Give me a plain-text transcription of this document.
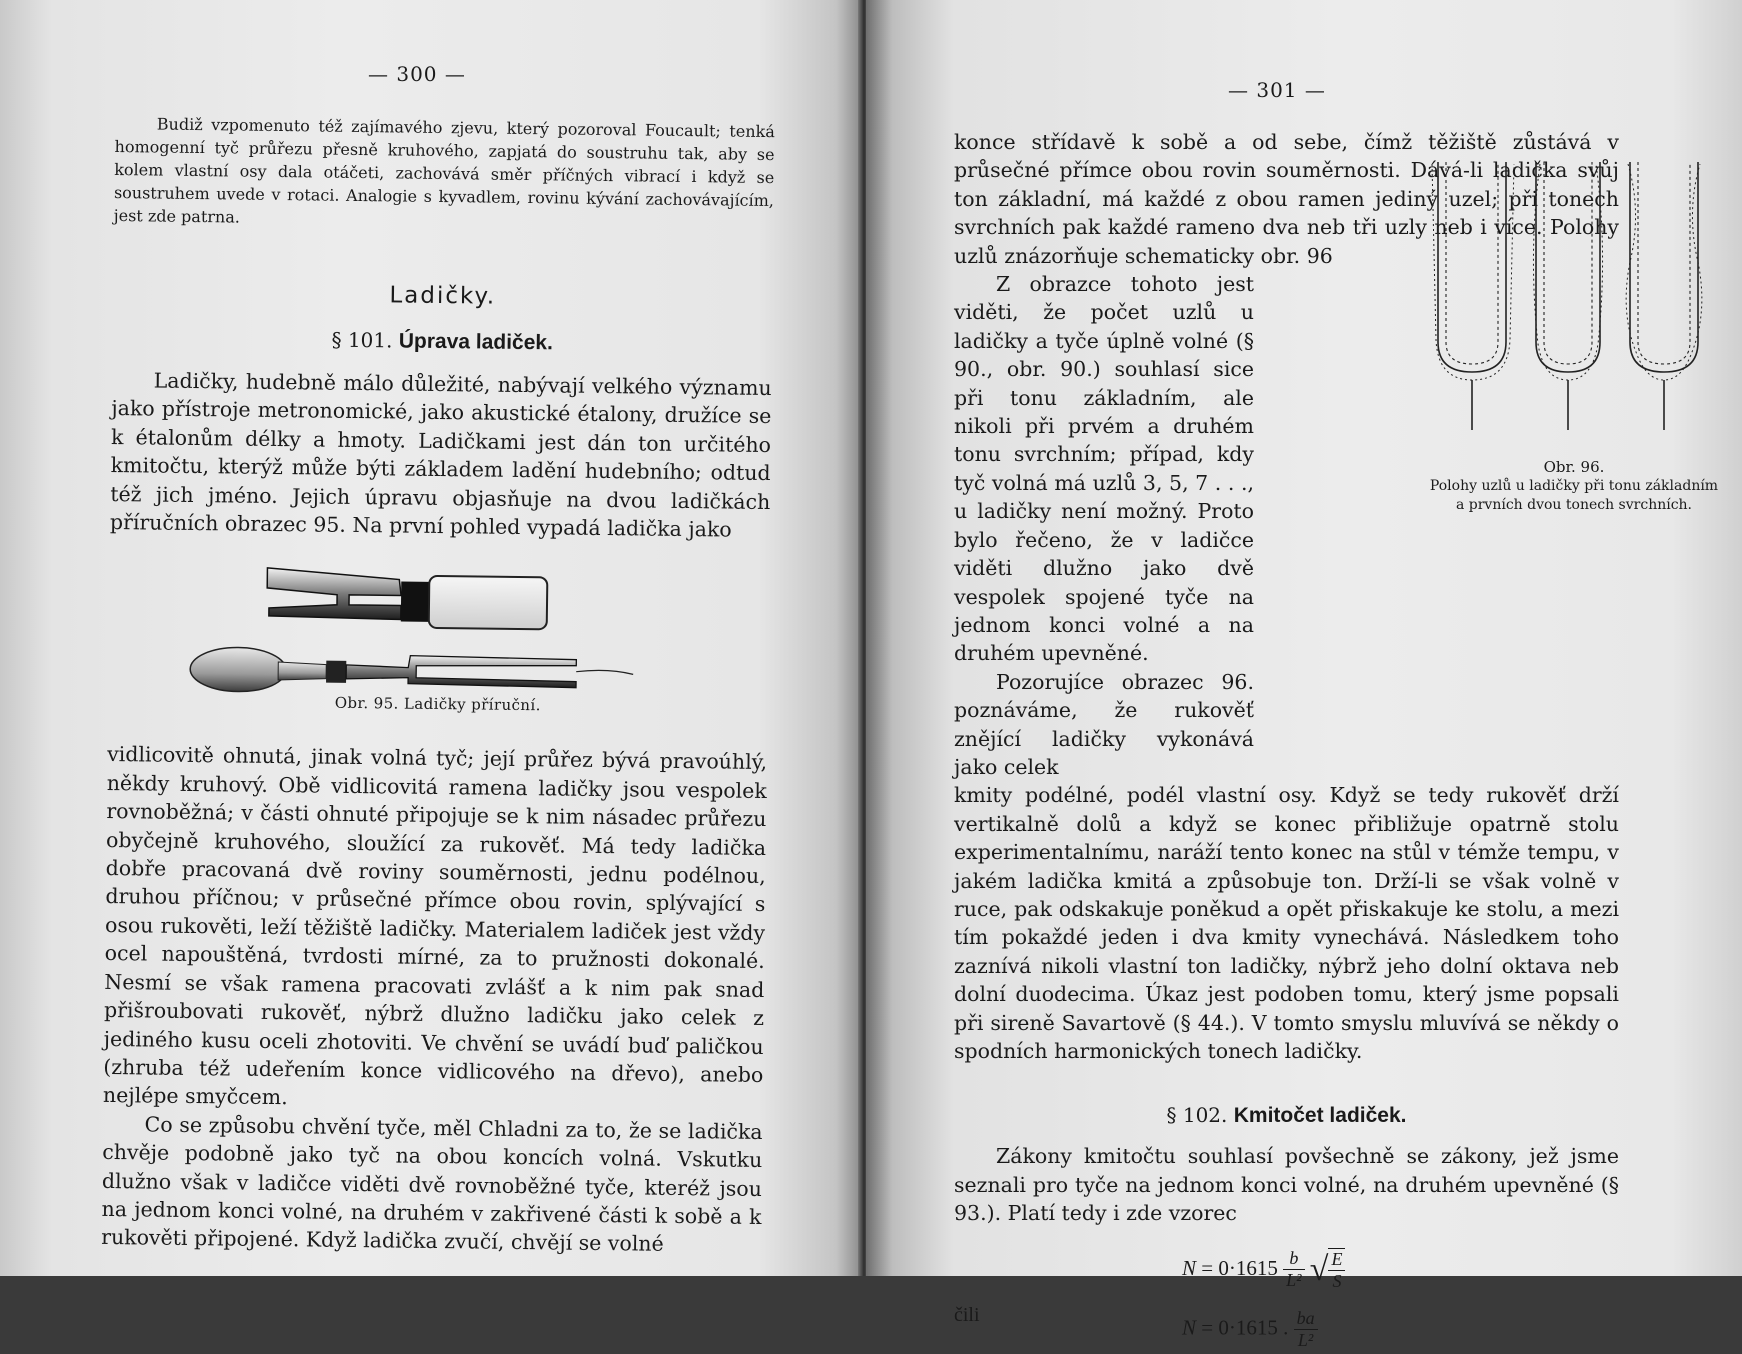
— 300 —

Budiž vzpomenuto též zajímavého zjevu, který pozoroval Foucault; tenká homogenní tyč průřezu přesně kruhového, zapjatá do soustruhu tak, aby se kolem vlastní osy dala otáčeti, zachovává směr příčných vibrací i když se soustruhem uvede v rotaci. Analogie s kyvadlem, rovinu kývání zachovávajícím, jest zde patrna.

Ladičky.
§ 101. Úprava ladiček.

Ladičky, hudebně málo důležité, nabývají velkého významu jako přístroje metronomické, jako akustické étalony, družíce se k étalonům délky a hmoty. Ladičkami jest dán ton určitého kmitočtu, kterýž může býti základem ladění hudebního; odtud též jich jméno. Jejich úpravu objasňuje na dvou ladičkách příručních obrazec 95. Na první pohled vypadá ladička jako

Obr. 95. Ladičky příruční.

vidlicovitě ohnutá, jinak volná tyč; její průřez bývá pravoúhlý, někdy kruhový. Obě vidlicovitá ramena ladičky jsou vespolek rovnoběžná; v části ohnuté připojuje se k nim násadec průřezu obyčejně kruhového, sloužící za rukověť. Má tedy ladička dobře pracovaná dvě roviny souměrnosti, jednu podélnou, druhou příčnou; v průsečné přímce obou rovin, splývající s osou rukověti, leží těžiště ladičky. Materialem ladiček jest vždy ocel napouštěná, tvrdosti mírné, za to pružnosti dokonalé. Nesmí se však ramena pracovati zvlášť a k nim pak snad přišroubovati rukověť, nýbrž dlužno ladičku jako celek z jediného kusu oceli zhotoviti. Ve chvění se uvádí buď paličkou (zhruba též udeřením konce vidlicového na dřevo), anebo nejlépe smyčcem.

Co se způsobu chvění tyče, měl Chladni za to, že se ladička chvěje podobně jako tyč na obou koncích volná. Vskutku dlužno však v ladičce viděti dvě rovnoběžné tyče, kteréž jsou na jednom konci volné, na druhém v zakřivené části k sobě a k rukověti připojené. Když ladička zvučí, chvějí se volné

— 301 —

konce střídavě k sobě a od sebe, čímž těžiště zůstává v průsečné přímce obou rovin souměrnosti. Dává-li ladička svůj ton základní, má každé z obou ramen jediný uzel; při tonech svrchních pak každé rameno dva neb tři uzly neb i více. Polohy uzlů znázorňuje schematicky obr. 96

Z obrazce tohoto jest viděti, že počet uzlů u ladičky a tyče úplně volné (§ 90., obr. 90.) souhlasí sice při tonu základním, ale nikoli při prvém a druhém tonu svrchním; případ, kdy tyč volná má uzlů 3, 5, 7 . . ., u ladičky není možný. Proto bylo řečeno, že v ladičce viděti dlužno jako dvě vespolek spojené tyče na jednom konci volné a na druhém upevněné.

Pozorujíce obrazec 96. poznáváme, že rukověť znějící ladičky vykonává jako celek

kmity podélné, podél vlastní osy. Když se tedy rukověť drží vertikalně dolů a když se konec přibližuje opatrně stolu experimentalnímu, naráží tento konec na stůl v témže tempu, v jakém ladička kmitá a způsobuje ton. Drží-li se však volně v ruce, pak odskakuje poněkud a opět přiskakuje ke stolu, a mezi tím pokaždé jeden i dva kmity vynechává. Následkem toho zaznívá nikoli vlastní ton ladičky, nýbrž jeho dolní oktava neb dolní duodecima. Úkaz jest podoben tomu, který jsme popsali při sireně Savartově (§ 44.). V tomto smyslu mluvívá se někdy o spodních harmonických tonech ladičky.

§ 102. Kmitočet ladiček.

Zákony kmitočtu souhlasí povšechně se zákony, jež jsme seznali pro tyče na jednom konci volné, na druhém upevněné (§ 93.). Platí tedy i zde vzorec

$N = 0\cdot 1615 \frac{b}{\text{L²}}$ √ $\frac{E}{S}$
čili
N = 0·1615 . $\frac{ba}{\text{L²}}$

Obr. 96.

Polohy uzlů u ladičky při tonu základním a prvních dvou tonech svrchních.
